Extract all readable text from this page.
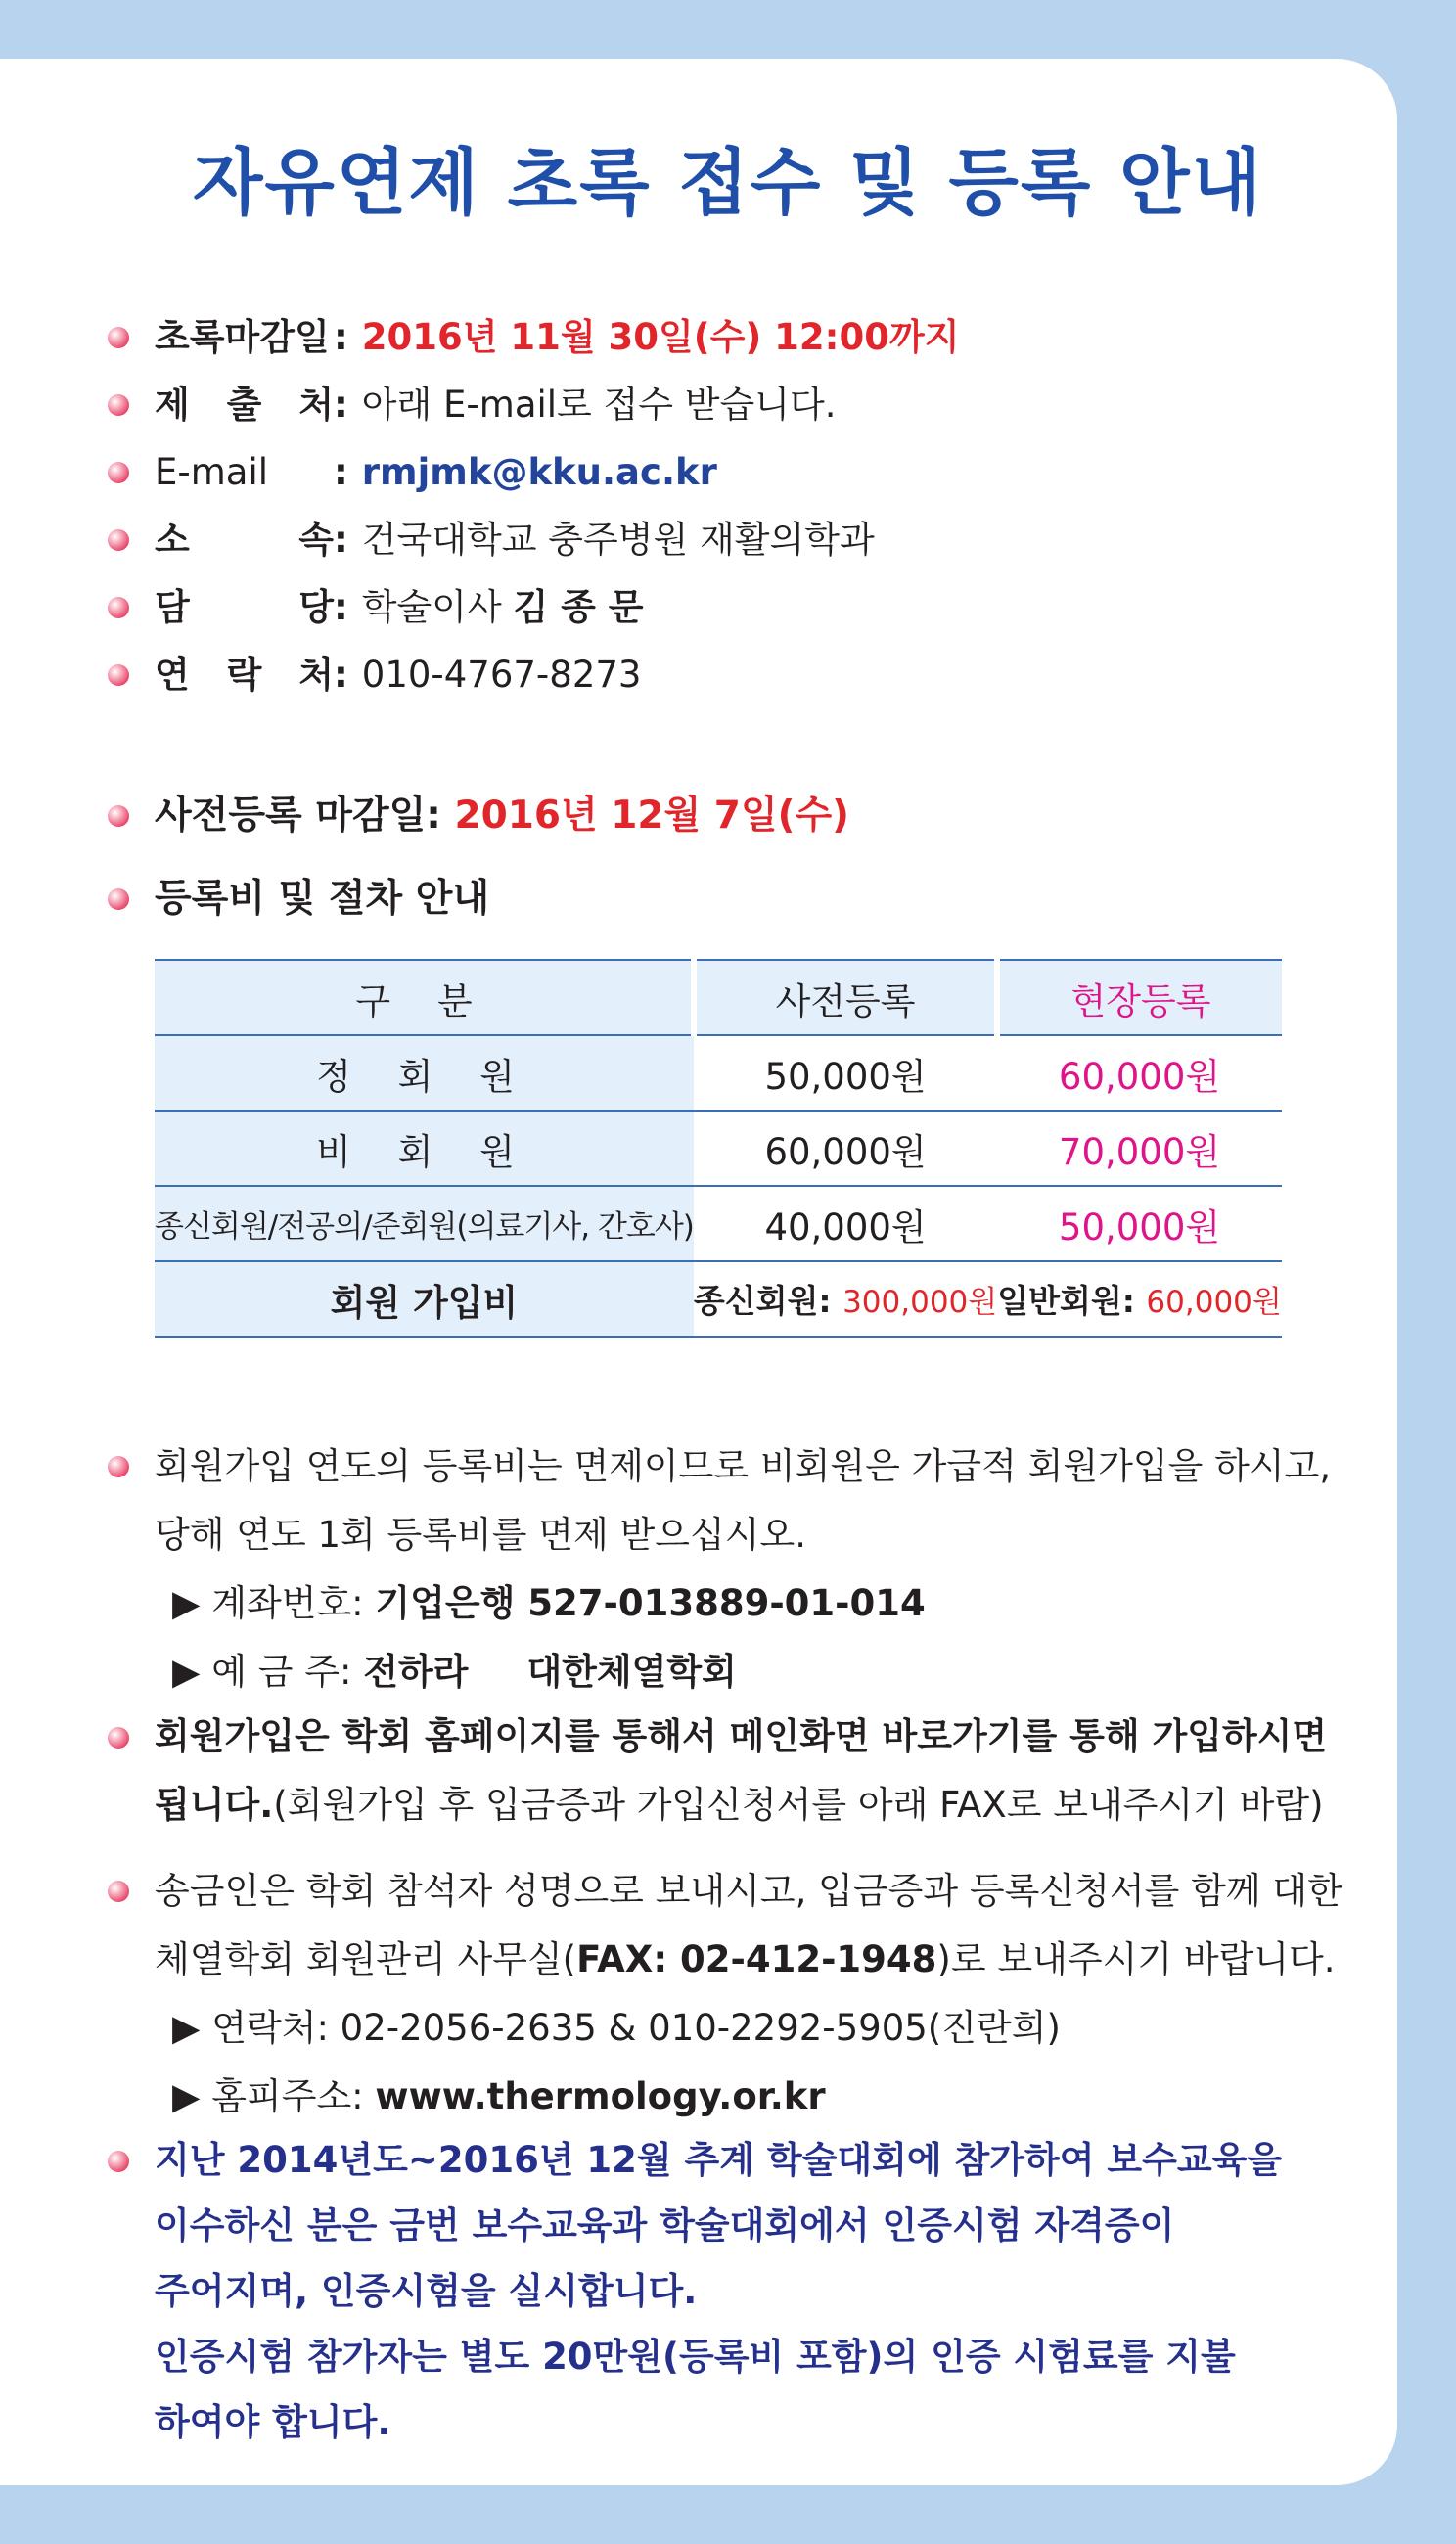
자유연제 초록 접수 및 등록 안내
초록마감일 : 2016년 11월 30일(수) 12:00까지
제 출 처: 아래 E-mail로 접수 받습니다.
E-mail : rmjmk@kku.ac.kr
소 속: 건국대학교 충주병원 재활의학과
담 당: 학술이사 김 종 문
연 락 처: 010-4767-8273
사전등록 마감일: 2016년 12월 7일(수)
등록비 및 절차 안내
구 분	사전등록	현장등록
정 회 원	50,000원	60,000원
비 회 원	60,000원	70,000원
종신회원/전공의/준회원(의료기사, 간호사)	40,000원	50,000원
회원 가입비	종신회원: 300,000원	일반회원: 60,000원

회원가입 연도의 등록비는 면제이므로 비회원은 가급적 회원가입을 하시고,

당해 연도 1회 등록비를 면제 받으십시오.

▶ 계좌번호: 기업은행 527-013889-01-014

▶ 예 금 주: 전하라 대한체열학회

회원가입은 학회 홈페이지를 통해서 메인화면 바로가기를 통해 가입하시면

됩니다.(회원가입 후 입금증과 가입신청서를 아래 FAX로 보내주시기 바람)

송금인은 학회 참석자 성명으로 보내시고, 입금증과 등록신청서를 함께 대한

체열학회 회원관리 사무실(FAX: 02-412-1948)로 보내주시기 바랍니다.

▶ 연락처: 02-2056-2635 & 010-2292-5905(진란희)

▶ 홈피주소: www.thermology.or.kr

지난 2014년도~2016년 12월 추계 학술대회에 참가하여 보수교육을

이수하신 분은 금번 보수교육과 학술대회에서 인증시험 자격증이

주어지며, 인증시험을 실시합니다.

인증시험 참가자는 별도 20만원(등록비 포함)의 인증 시험료를 지불

하여야 합니다.
